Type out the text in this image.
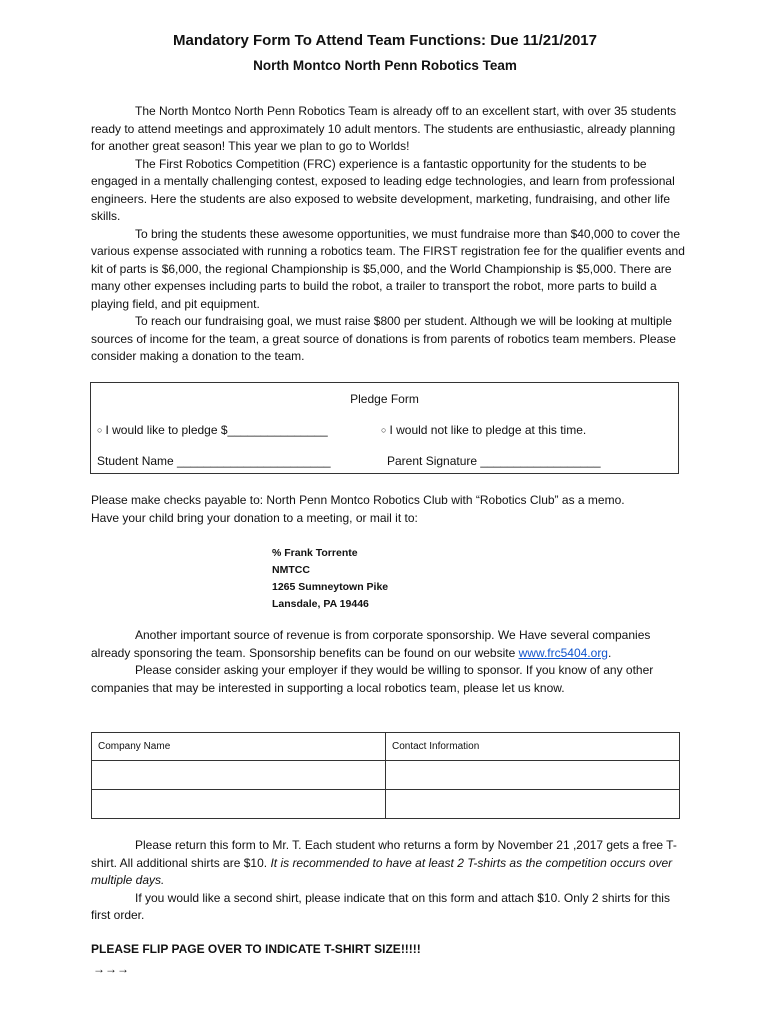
Mandatory Form To Attend Team Functions: Due 11/21/2017
North Montco North Penn Robotics Team

The North Montco North Penn Robotics Team is already off to an excellent start, with over 35 students ready to attend meetings and approximately 10 adult mentors. The students are enthusiastic, already planning for another great season! This year we plan to go to Worlds!

The First Robotics Competition (FRC) experience is a fantastic opportunity for the students to be engaged in a mentally challenging contest, exposed to leading edge technologies, and learn from professional engineers. Here the students are also exposed to website development, marketing, fundraising, and other life skills.

To bring the students these awesome opportunities, we must fundraise more than $40,000 to cover the various expense associated with running a robotics team. The FIRST registration fee for the qualifier events and kit of parts is $6,000, the regional Championship is $5,000, and the World Championship is $5,000. There are many other expenses including parts to build the robot, a trailer to transport the robot, more parts to build a playing field, and pit equipment.

To reach our fundraising goal, we must raise $800 per student. Although we will be looking at multiple sources of income for the team, a great source of donations is from parents of robotics team members. Please consider making a donation to the team.

Pledge Form
○ I would like to pledge $_______________	○ I would not like to pledge at this time.
Student Name _______________________	Parent Signature __________________

Please make checks payable to: North Penn Montco Robotics Club with “Robotics Club” as a memo.

Have your child bring your donation to a meeting, or mail it to:

% Frank Torrente
NMTCC
1265 Sumneytown Pike
Lansdale, PA 19446

Another important source of revenue is from corporate sponsorship. We Have several companies already sponsoring the team. Sponsorship benefits can be found on our website www.frc5404.org.

Please consider asking your employer if they would be willing to sponsor. If you know of any other companies that may be interested in supporting a local robotics team, please let us know.

Company Name	Contact Information

Please return this form to Mr. T. Each student who returns a form by November 21 ,2017 gets a free T-shirt. All additional shirts are $10. It is recommended to have at least 2 T-shirts as the competition occurs over multiple days.

If you would like a second shirt, please indicate that on this form and attach $10. Only 2 shirts for this first order.

PLEASE FLIP PAGE OVER TO INDICATE T-SHIRT SIZE!!!!!
→→→
